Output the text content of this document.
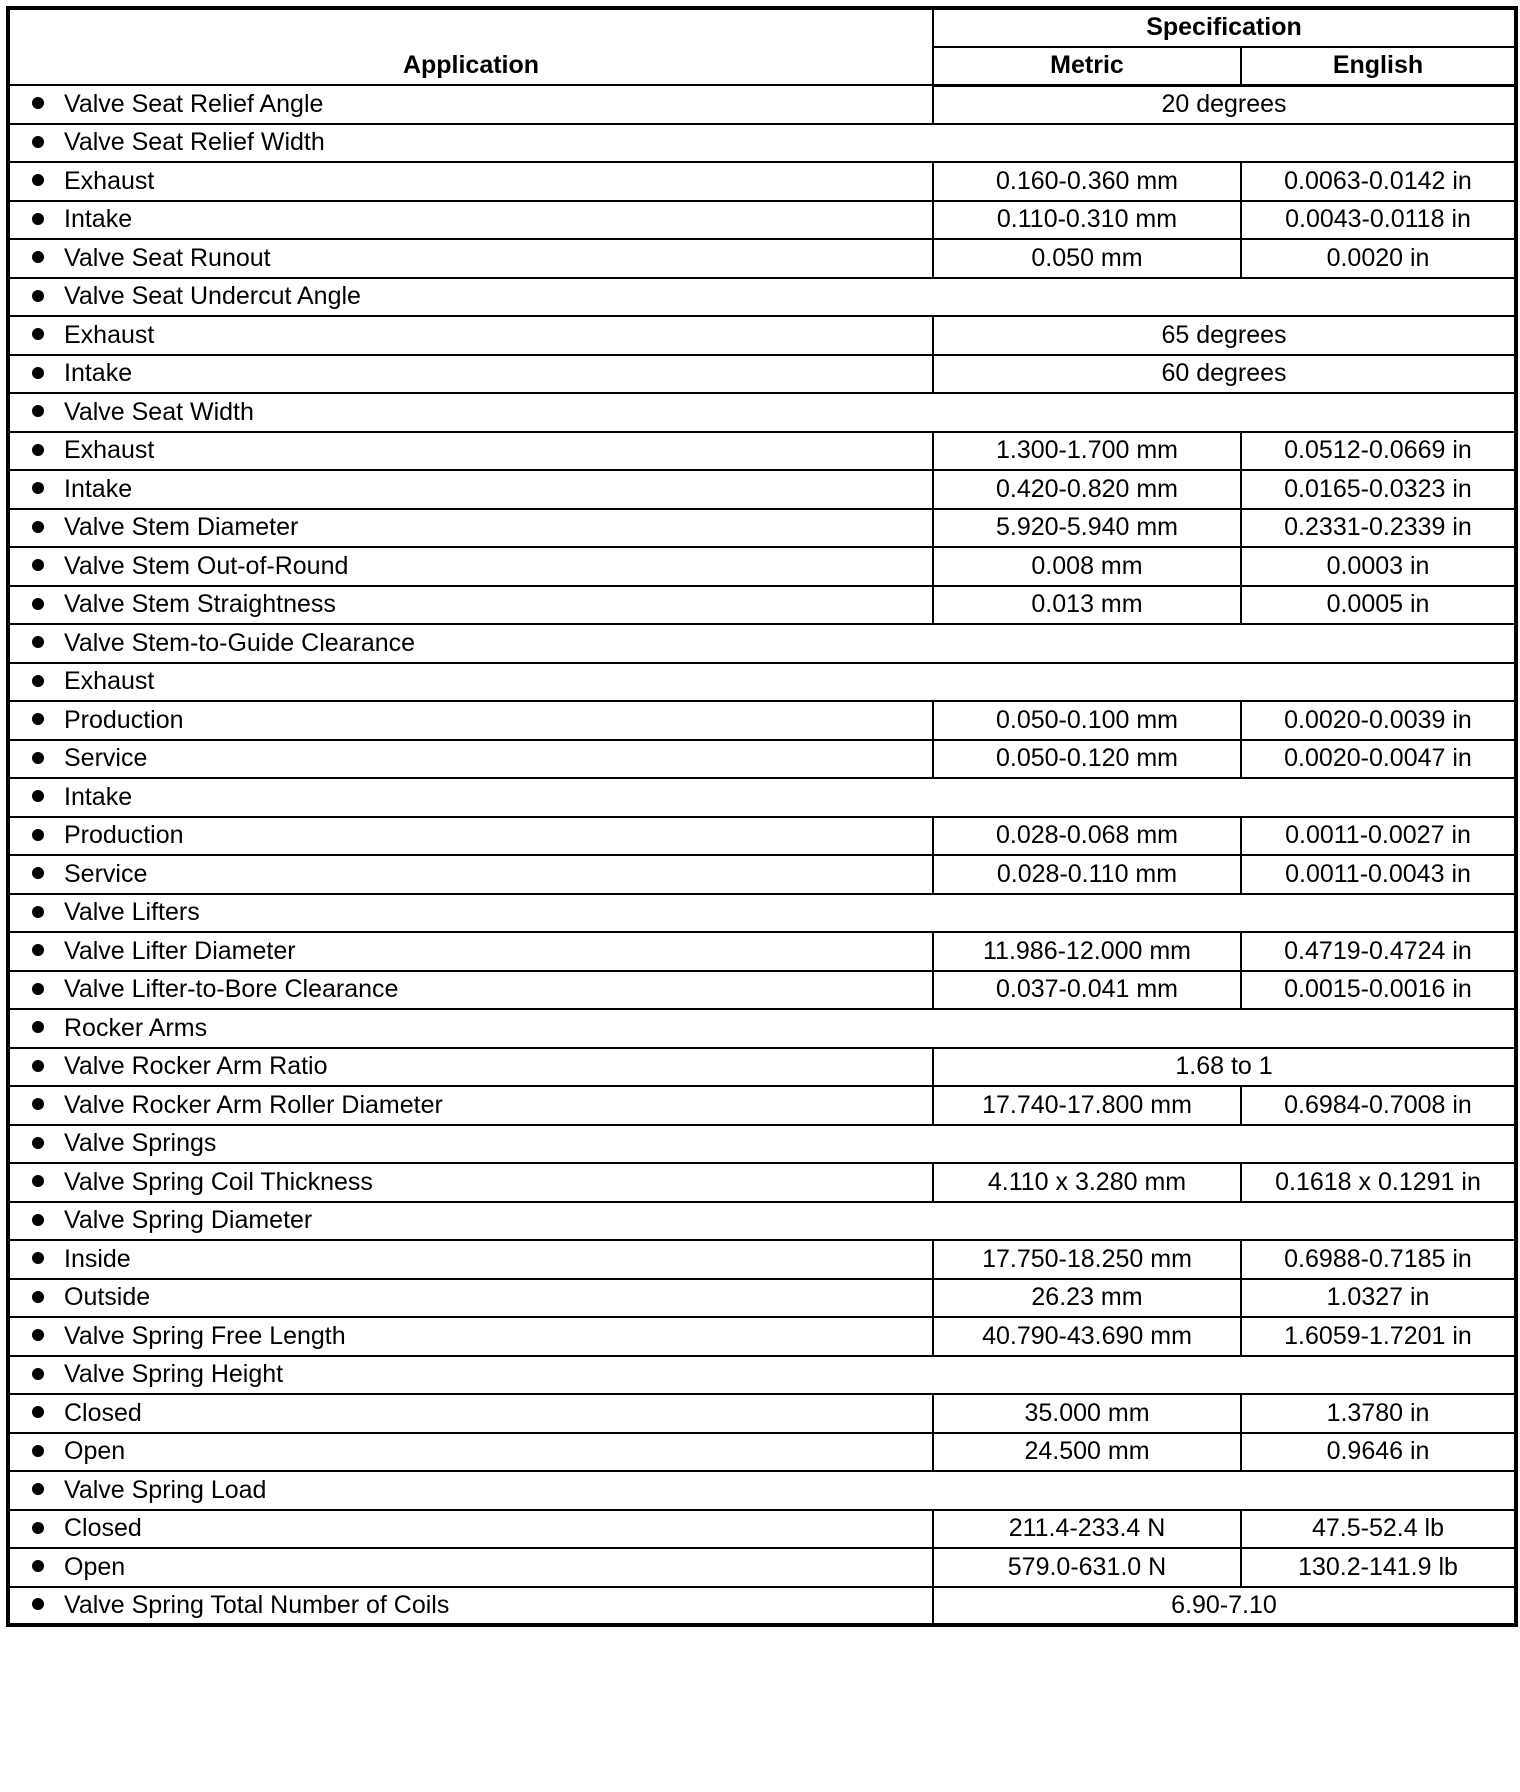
Application	Specification	
	Metric	English
Valve Seat Relief Angle	20 degrees	
Valve Seat Relief Width		
Exhaust	0.160-0.360 mm	0.0063-0.0142 in
Intake	0.110-0.310 mm	0.0043-0.0118 in
Valve Seat Runout	0.050 mm	0.0020 in
Valve Seat Undercut Angle		
Exhaust	65 degrees	
Intake	60 degrees	
Valve Seat Width		
Exhaust	1.300-1.700 mm	0.0512-0.0669 in
Intake	0.420-0.820 mm	0.0165-0.0323 in
Valve Stem Diameter	5.920-5.940 mm	0.2331-0.2339 in
Valve Stem Out-of-Round	0.008 mm	0.0003 in
Valve Stem Straightness	0.013 mm	0.0005 in
Valve Stem-to-Guide Clearance		
Exhaust		
Production	0.050-0.100 mm	0.0020-0.0039 in
Service	0.050-0.120 mm	0.0020-0.0047 in
Intake		
Production	0.028-0.068 mm	0.0011-0.0027 in
Service	0.028-0.110 mm	0.0011-0.0043 in
Valve Lifters		
Valve Lifter Diameter	11.986-12.000 mm	0.4719-0.4724 in
Valve Lifter-to-Bore Clearance	0.037-0.041 mm	0.0015-0.0016 in
Rocker Arms		
Valve Rocker Arm Ratio	1.68 to 1	
Valve Rocker Arm Roller Diameter	17.740-17.800 mm	0.6984-0.7008 in
Valve Springs		
Valve Spring Coil Thickness	4.110 x 3.280 mm	0.1618 x 0.1291 in
Valve Spring Diameter		
Inside	17.750-18.250 mm	0.6988-0.7185 in
Outside	26.23 mm	1.0327 in
Valve Spring Free Length	40.790-43.690 mm	1.6059-1.7201 in
Valve Spring Height		
Closed	35.000 mm	1.3780 in
Open	24.500 mm	0.9646 in
Valve Spring Load		
Closed	211.4-233.4 N	47.5-52.4 lb
Open	579.0-631.0 N	130.2-141.9 lb
Valve Spring Total Number of Coils	6.90-7.10	
